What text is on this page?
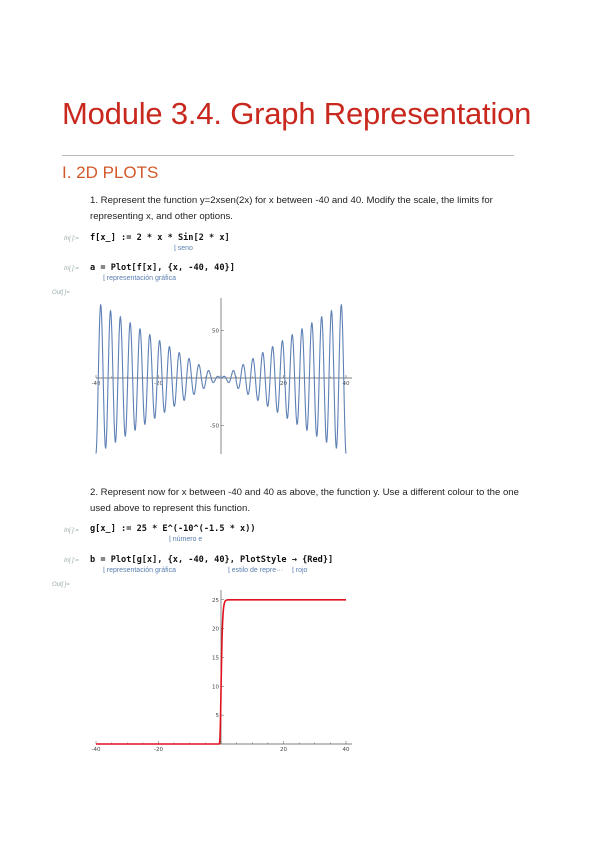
Module 3.4. Graph Representation
I. 2D PLOTS
1. Represent the function y=2xsen(2x) for x between -40 and 40. Modify the scale, the limits for representing x, and other options.
In[ ]:= f[x_] := 2 * x * Sin[2 * x]
⌊ seno
In[ ]:= a = Plot[f[x], {x, -40, 40}]
⌊ representación gráfica
Out[ ]=
-40	-20	20	40
-50
50
2. Represent now for x between -40 and 40 as above, the function y. Use a different colour to the one used above to represent this function.
In[ ]:= g[x_] := 25 * E^(-10^(-1.5 * x))
⌊ número e
In[ ]:= b = Plot[g[x], {x, -40, 40}, PlotStyle → {Red}]
⌊ representación gráfica	⌊ estilo de repre···	⌊ rojo
Out[ ]=
-40	-20	20	40
5
10
15
20
25
